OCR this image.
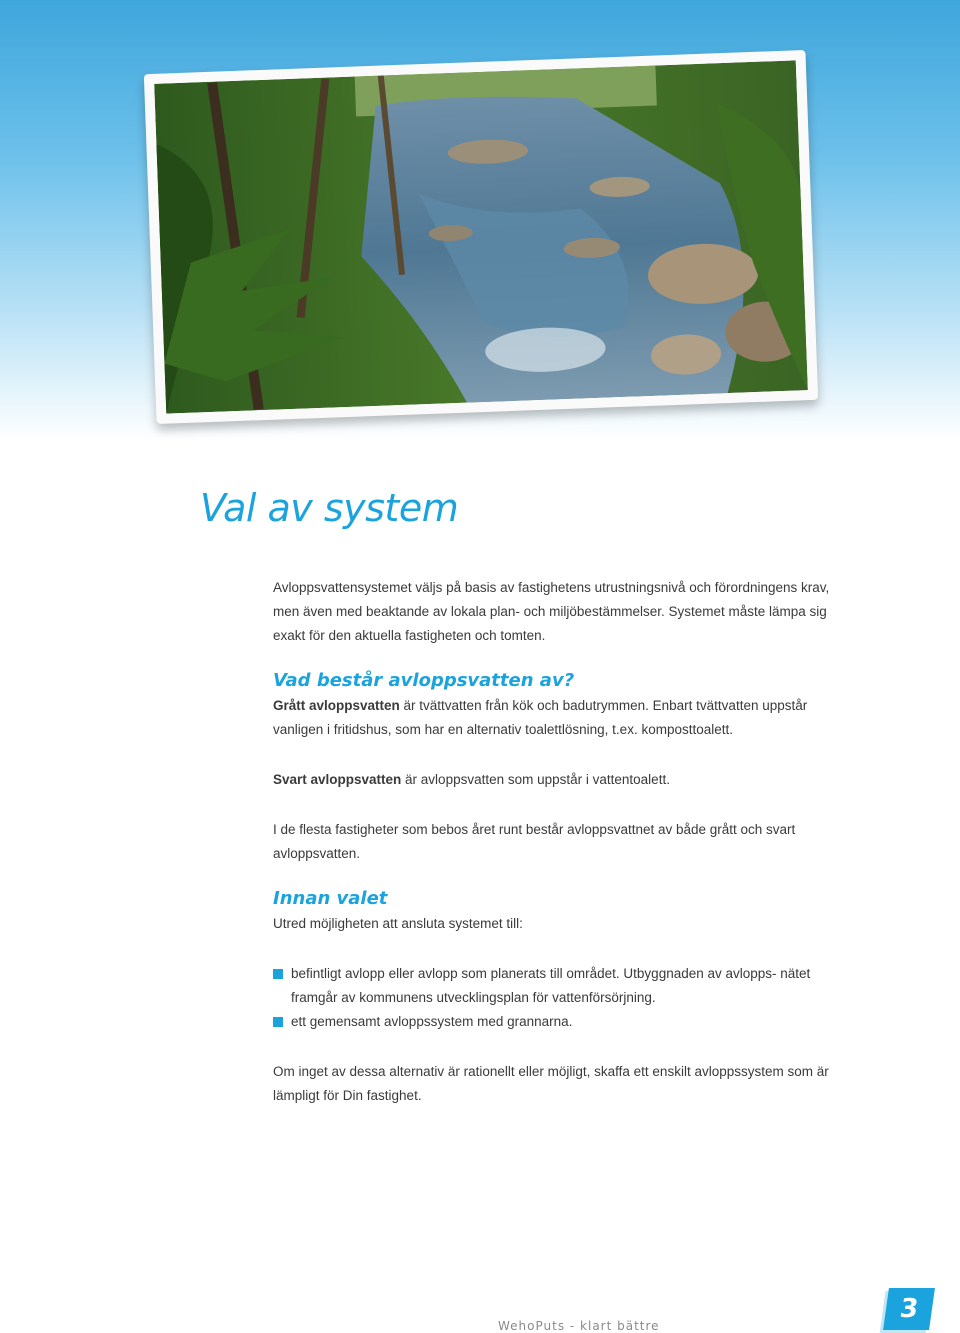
Val av system

Avloppsvattensystemet väljs på basis av fastighetens utrustningsnivå och förordningens krav, men även med beaktande av lokala plan- och miljöbestämmelser. Systemet måste lämpa sig exakt för den aktuella fastigheten och tomten.

Vad består avloppsvatten av?

Grått avloppsvatten är tvättvatten från kök och badutrymmen. Enbart tvättvatten uppstår vanligen i fritidshus, som har en alternativ toalettlösning, t.ex. komposttoalett.

Svart avloppsvatten är avloppsvatten som uppstår i vattentoalett.

I de flesta fastigheter som bebos året runt består avloppsvattnet av både grått och svart avloppsvatten.

Innan valet

Utred möjligheten att ansluta systemet till:

befintligt avlopp eller avlopp som planerats till området. Utbyggnaden av avlopps- nätet framgår av kommunens utvecklingsplan för vattenförsörjning.
ett gemensamt avloppssystem med grannarna.

Om inget av dessa alternativ är rationellt eller möjligt, skaffa ett enskilt avloppssystem som är lämpligt för Din fastighet.

WehoPuts - klart bättre
3
